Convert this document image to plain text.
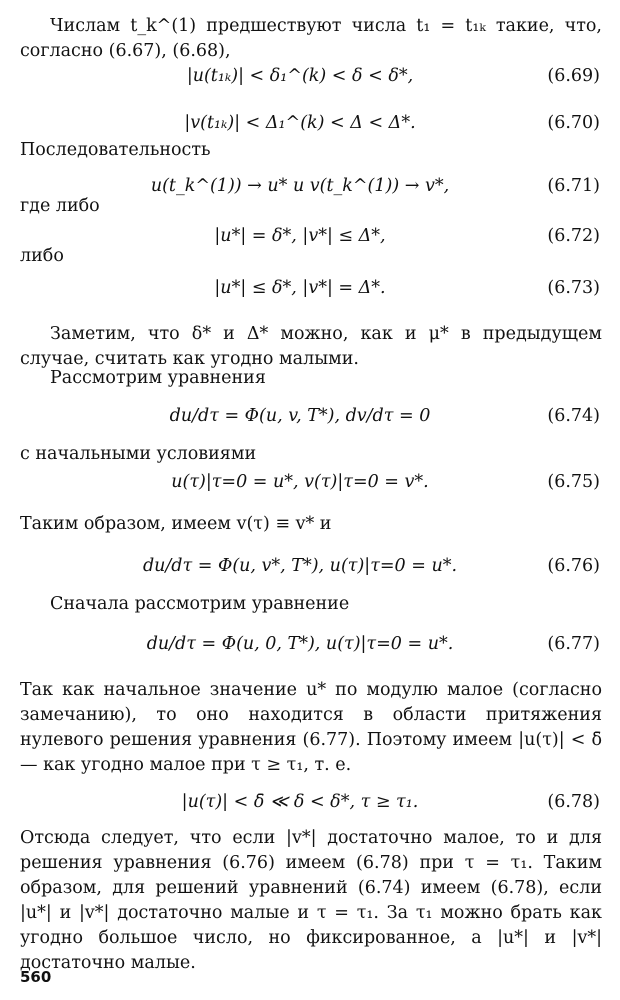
Числам t_k^(1) предшествуют числа t₁ = t₁ₖ такие, что, согласно (6.67), (6.68),
|u(t₁ₖ)| < δ₁^(k) < δ < δ*,	(6.69)
|v(t₁ₖ)| < Δ₁^(k) < Δ < Δ*.	(6.70)
Последовательность
u(t_k^(1)) → u* и v(t_k^(1)) → v*,	(6.71)
где либо
|u*| = δ*, |v*| ≤ Δ*,	(6.72)
либо
|u*| ≤ δ*, |v*| = Δ*.	(6.73)
Заметим, что δ* и Δ* можно, как и μ* в предыдущем случае, считать как угодно малыми.
Рассмотрим уравнения
du/dτ = Φ(u, v, T*), dv/dτ = 0	(6.74)
с начальными условиями
u(τ)|τ=0 = u*, v(τ)|τ=0 = v*.	(6.75)
Таким образом, имеем v(τ) ≡ v* и
du/dτ = Φ(u, v*, T*), u(τ)|τ=0 = u*.	(6.76)
Сначала рассмотрим уравнение
du/dτ = Φ(u, 0, T*), u(τ)|τ=0 = u*.	(6.77)
Так как начальное значение u* по модулю малое (согласно замечанию), то оно находится в области притяжения нулевого решения уравнения (6.77). Поэтому имеем |u(τ)| < δ̄ — как угодно малое при τ ≥ τ₁, т. е.
|u(τ)| < δ̄ ≪ δ < δ*, τ ≥ τ₁.	(6.78)
Отсюда следует, что если |v*| достаточно малое, то и для решения уравнения (6.76) имеем (6.78) при τ = τ₁. Таким образом, для решений уравнений (6.74) имеем (6.78), если |u*| и |v*| достаточно малые и τ = τ₁. За τ₁ можно брать как угодно большое число, но фиксированное, а |u*| и |v*| достаточно малые.
560
